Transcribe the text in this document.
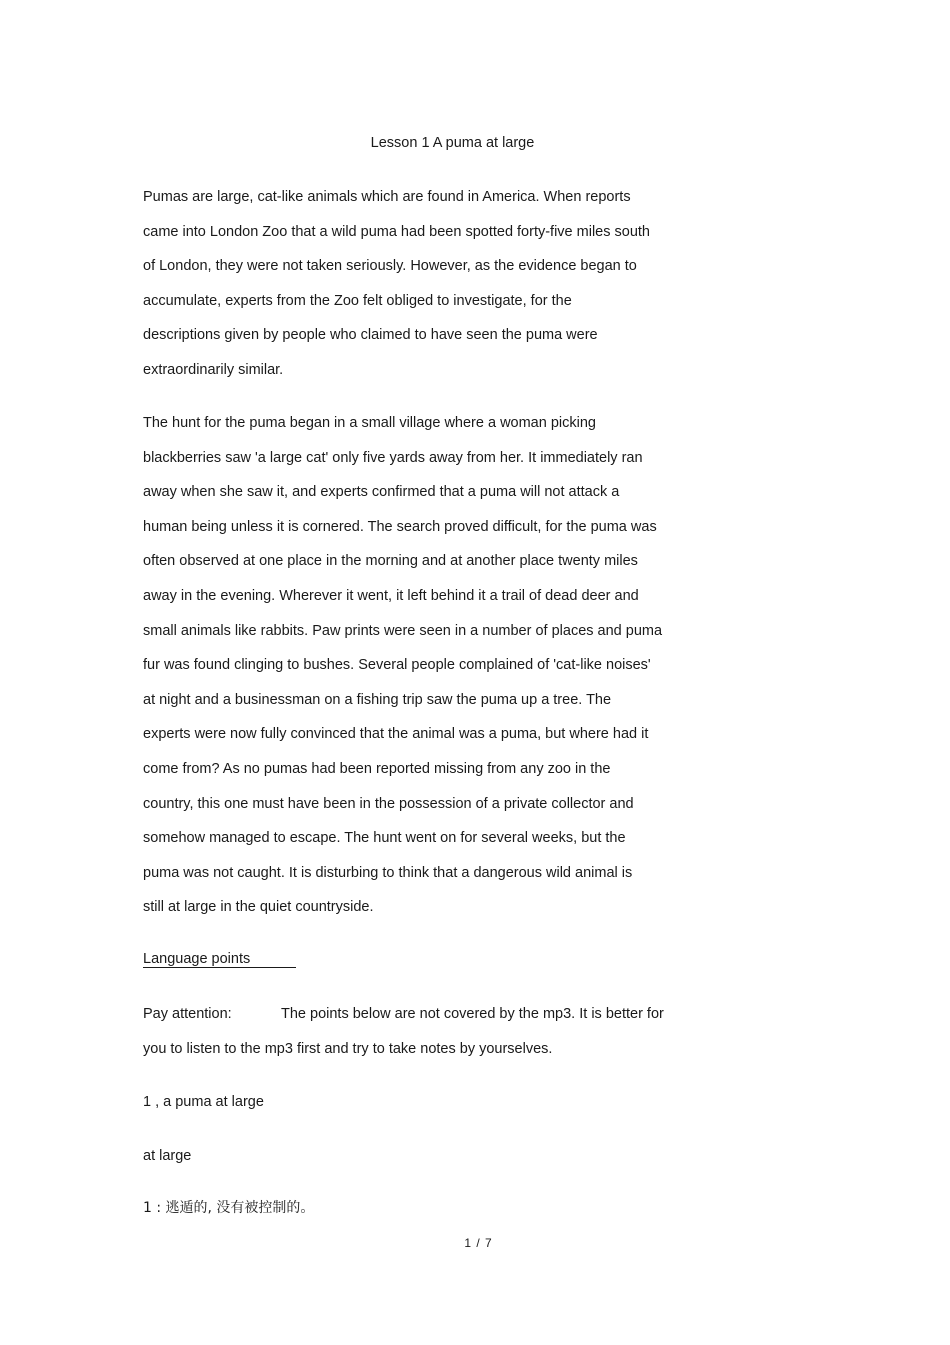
Lesson 1 A puma at large
Pumas are large, cat-like animals which are found in America. When reports
came into London Zoo that a wild puma had been spotted forty-five miles south
of London, they were not taken seriously. However, as the evidence began to
accumulate, experts from the Zoo felt obliged to investigate, for the
descriptions given by people who claimed to have seen the puma were
extraordinarily similar.
The hunt for the puma began in a small village where a woman picking
blackberries saw 'a large cat' only five yards away from her. It immediately ran
away when she saw it, and experts confirmed that a puma will not attack a
human being unless it is cornered. The search proved difficult, for the puma was
often observed at one place in the morning and at another place twenty miles
away in the evening. Wherever it went, it left behind it a trail of dead deer and
small animals like rabbits. Paw prints were seen in a number of places and puma
fur was found clinging to bushes. Several people complained of 'cat-like noises'
at night and a businessman on a fishing trip saw the puma up a tree. The
experts were now fully convinced that the animal was a puma, but where had it
come from? As no pumas had been reported missing from any zoo in the
country, this one must have been in the possession of a private collector and
somehow managed to escape. The hunt went on for several weeks, but the
puma was not caught. It is disturbing to think that a dangerous wild animal is
still at large in the quiet countryside.

Language points

Pay attention:	The points below are not covered by the mp3. It is better for

you to listen to the mp3 first and try to take notes by yourselves.

1 , a puma at large

at large

1 : 逃遁的, 没有被控制的。

1 / 7
